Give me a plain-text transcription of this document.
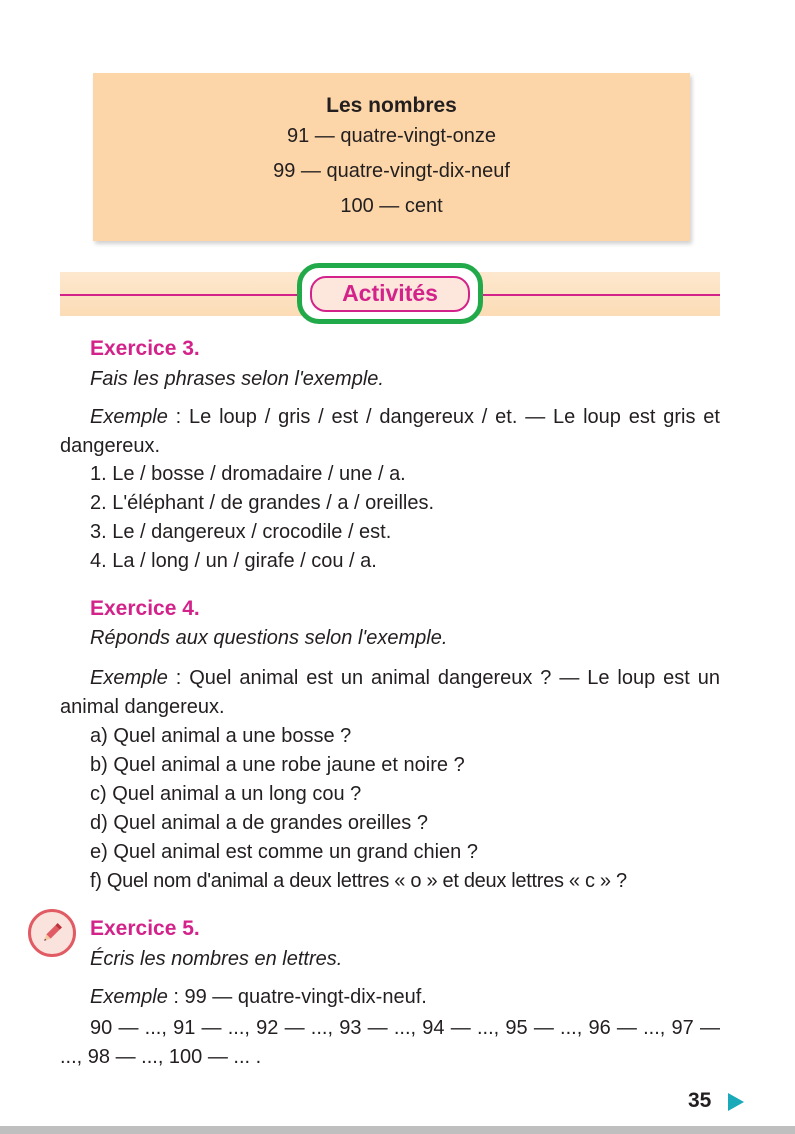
Les nombres
91 — quatre-vingt-onze
99 — quatre-vingt-dix-neuf
100 — cent
Activités
Exercice 3.
Fais les phrases selon l'exemple.
Exemple : Le loup / gris / est / dangereux / et. — Le loup est gris et dangereux.
1. Le / bosse / dromadaire / une / a.
2. L'éléphant / de grandes / a / oreilles.
3. Le / dangereux / crocodile / est.
4. La / long / un / girafe / cou / a.
Exercice 4.
Réponds aux questions selon l'exemple.
Exemple : Quel animal est un animal dangereux ? — Le loup est un animal dangereux.
a) Quel animal a une bosse ?
b) Quel animal a une robe jaune et noire ?
c) Quel animal a un long cou ?
d) Quel animal a de grandes oreilles ?
e) Quel animal est comme un grand chien ?
f) Quel nom d'animal a deux lettres « o » et deux lettres « c » ?
Exercice 5.
Écris les nombres en lettres.
Exemple : 99 — quatre-vingt-dix-neuf.
90 — ..., 91 — ..., 92 — ..., 93 — ..., 94 — ..., 95 — ..., 96 — ..., 97 — ..., 98 — ..., 100 — ... .
35
